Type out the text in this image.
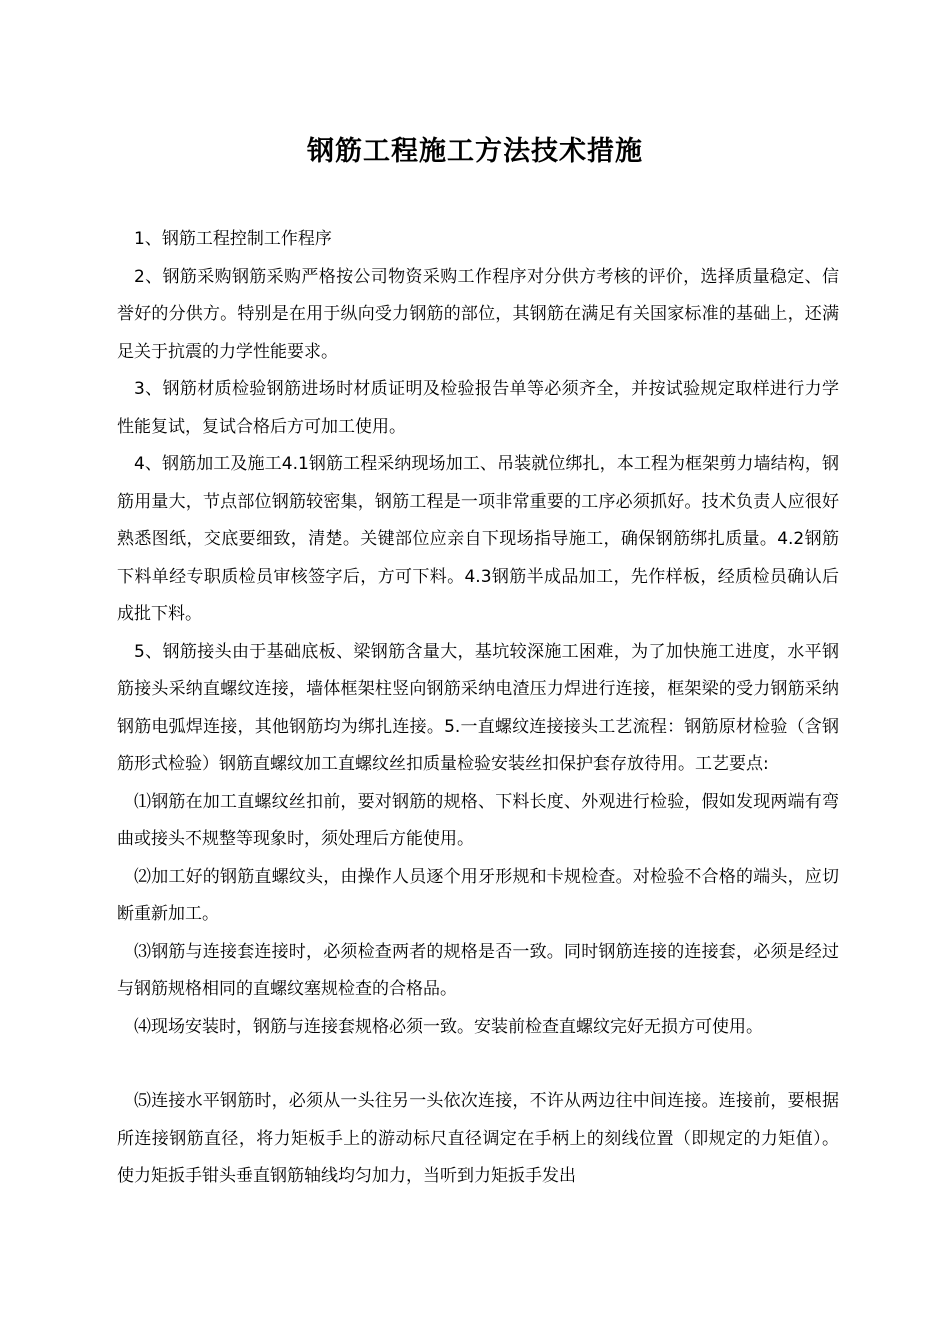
钢筋工程施工方法技术措施

1、钢筋工程控制工作程序

2、钢筋采购钢筋采购严格按公司物资采购工作程序对分供方考核的评价，选择质量稳定、信誉好的分供方。特别是在用于纵向受力钢筋的部位，其钢筋在满足有关国家标准的基础上，还满足关于抗震的力学性能要求。

3、钢筋材质检验钢筋进场时材质证明及检验报告单等必须齐全，并按试验规定取样进行力学性能复试，复试合格后方可加工使用。

4、钢筋加工及施工4.1钢筋工程采纳现场加工、吊装就位绑扎，本工程为框架剪力墙结构，钢筋用量大，节点部位钢筋较密集，钢筋工程是一项非常重要的工序必须抓好。技术负责人应很好熟悉图纸，交底要细致，清楚。关键部位应亲自下现场指导施工，确保钢筋绑扎质量。4.2钢筋下料单经专职质检员审核签字后，方可下料。4.3钢筋半成品加工，先作样板，经质检员确认后成批下料。

5、钢筋接头由于基础底板、梁钢筋含量大，基坑较深施工困难，为了加快施工进度，水平钢筋接头采纳直螺纹连接，墙体框架柱竖向钢筋采纳电渣压力焊进行连接，框架梁的受力钢筋采纳钢筋电弧焊连接，其他钢筋均为绑扎连接。5.一直螺纹连接接头工艺流程：钢筋原材检验（含钢筋形式检验）钢筋直螺纹加工直螺纹丝扣质量检验安装丝扣保护套存放待用。工艺要点:

⑴钢筋在加工直螺纹丝扣前，要对钢筋的规格、下料长度、外观进行检验，假如发现两端有弯曲或接头不规整等现象时，须处理后方能使用。

⑵加工好的钢筋直螺纹头，由操作人员逐个用牙形规和卡规检查。对检验不合格的端头，应切断重新加工。

⑶钢筋与连接套连接时，必须检查两者的规格是否一致。同时钢筋连接的连接套，必须是经过与钢筋规格相同的直螺纹塞规检查的合格品。

⑷现场安装时，钢筋与连接套规格必须一致。安装前检查直螺纹完好无损方可使用。

⑸连接水平钢筋时，必须从一头往另一头依次连接，不许从两边往中间连接。连接前，要根据所连接钢筋直径，将力矩板手上的游动标尺直径调定在手柄上的刻线位置（即规定的力矩值）。使力矩扳手钳头垂直钢筋轴线均匀加力，当听到力矩扳手发出
